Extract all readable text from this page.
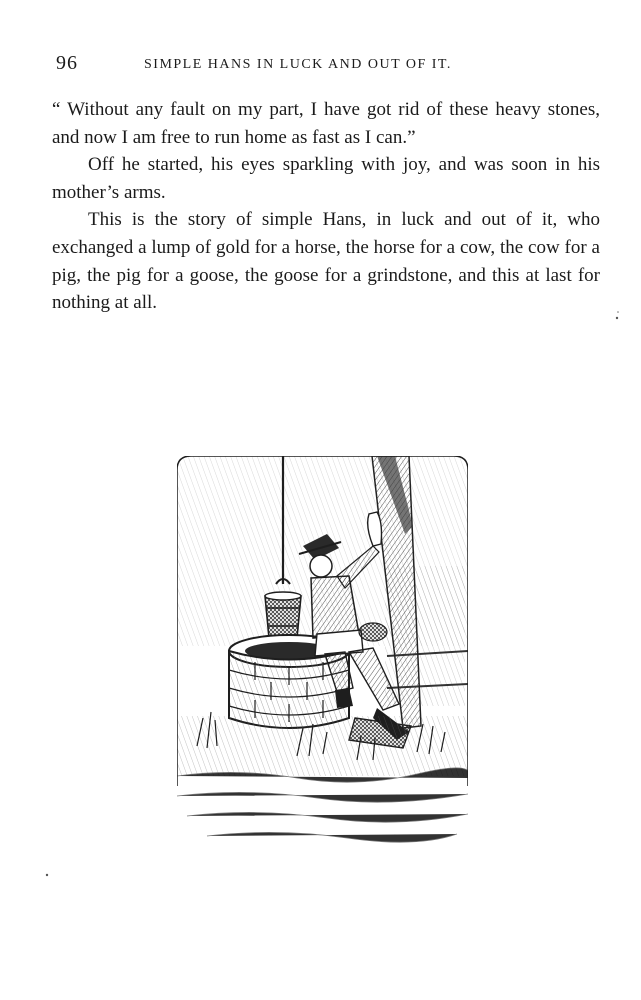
96	SIMPLE HANS IN LUCK AND OUT OF IT.

“ Without any fault on my part, I have got rid of these heavy stones, and now I am free to run home as fast as I can.”

Off he started, his eyes sparkling with joy, and was soon in his mother’s arms.

This is the story of simple Hans, in luck and out of it, who exchanged a lump of gold for a horse, the horse for a cow, the cow for a pig, the pig for a goose, the goose for a grindstone, and this at last for nothing at all.
